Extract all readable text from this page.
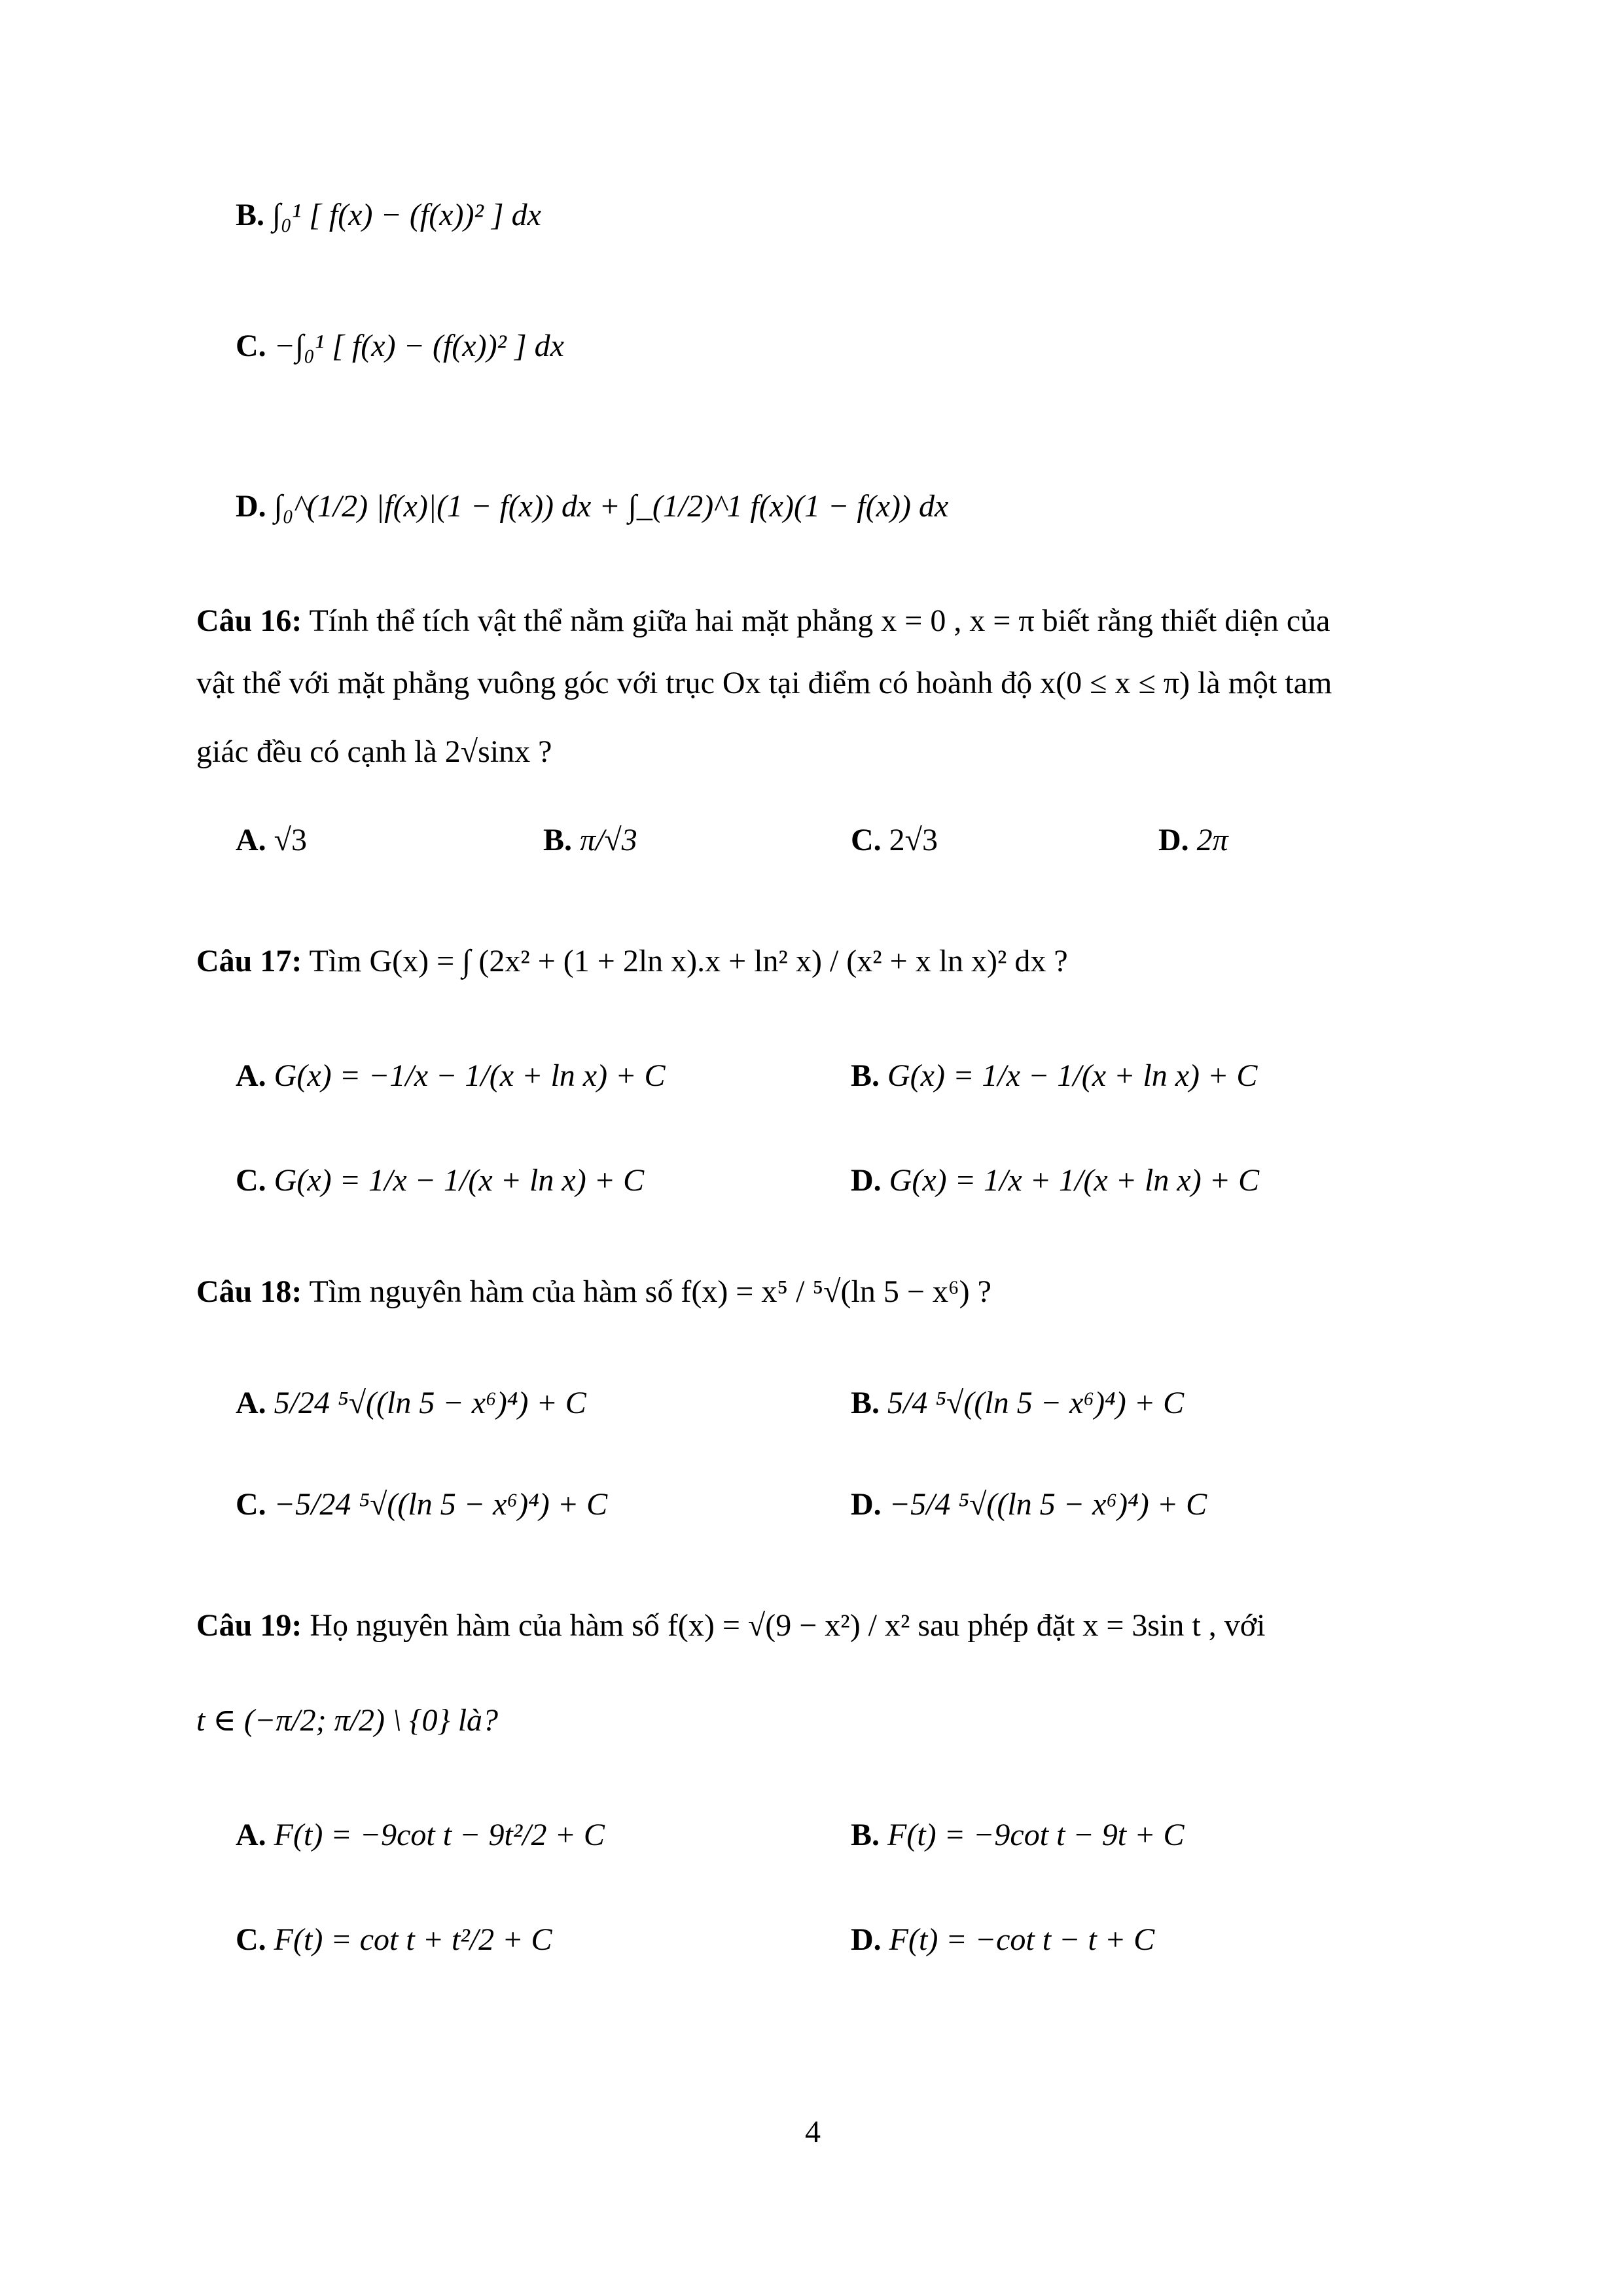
B. ∫₀¹ [ f(x) − (f(x))² ] dx
C. −∫₀¹ [ f(x) − (f(x))² ] dx
D. ∫₀^(1/2) |f(x)|(1 − f(x)) dx + ∫_(1/2)^1 f(x)(1 − f(x)) dx
Câu 16: Tính thể tích vật thể nằm giữa hai mặt phẳng x = 0 , x = π biết rằng thiết diện của
vật thể với mặt phẳng vuông góc với trục Ox tại điểm có hoành độ x(0 ≤ x ≤ π) là một tam
giác đều có cạnh là 2√sinx ?
A. √3	B. π/√3	C. 2√3	D. 2π
Câu 17: Tìm G(x) = ∫ (2x² + (1 + 2ln x).x + ln² x) / (x² + x ln x)² dx ?
A. G(x) = −1/x − 1/(x + ln x) + C	B. G(x) = 1/x − 1/(x + ln x) + C
C. G(x) = 1/x − 1/(x + ln x) + C	D. G(x) = 1/x + 1/(x + ln x) + C
Câu 18: Tìm nguyên hàm của hàm số f(x) = x⁵ / ⁵√(ln 5 − x⁶) ?
A. 5/24 ⁵√((ln 5 − x⁶)⁴) + C	B. 5/4 ⁵√((ln 5 − x⁶)⁴) + C
C. −5/24 ⁵√((ln 5 − x⁶)⁴) + C	D. −5/4 ⁵√((ln 5 − x⁶)⁴) + C
Câu 19: Họ nguyên hàm của hàm số f(x) = √(9 − x²) / x² sau phép đặt x = 3sin t , với
t ∈ (−π/2; π/2) \ {0} là?
A. F(t) = −9cot t − 9t²/2 + C	B. F(t) = −9cot t − 9t + C
C. F(t) = cot t + t²/2 + C	D. F(t) = −cot t − t + C
4
